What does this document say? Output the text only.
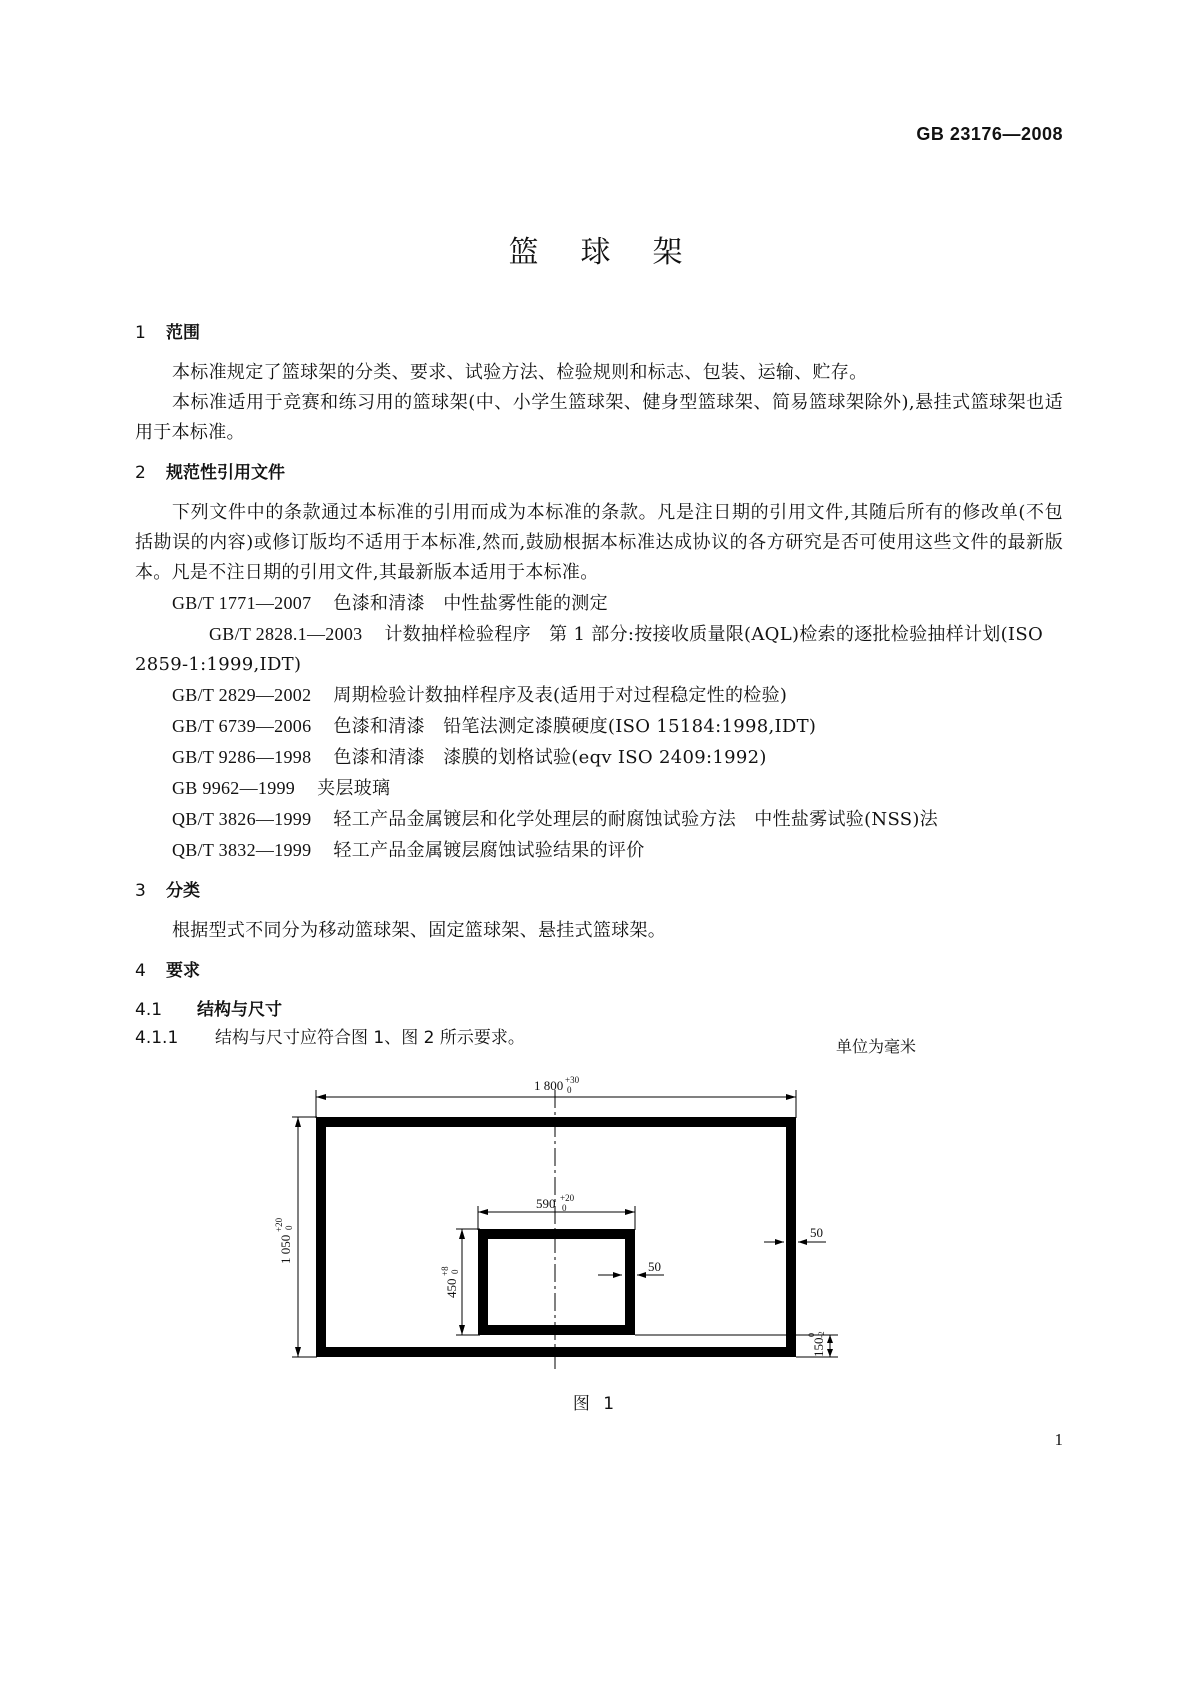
GB 23176—2008
篮球架
1 范围

本标准规定了篮球架的分类、要求、试验方法、检验规则和标志、包装、运输、贮存。

本标准适用于竞赛和练习用的篮球架(中、小学生篮球架、健身型篮球架、简易篮球架除外),悬挂式篮球架也适用于本标准。

2 规范性引用文件

下列文件中的条款通过本标准的引用而成为本标准的条款。凡是注日期的引用文件,其随后所有的修改单(不包括勘误的内容)或修订版均不适用于本标准,然而,鼓励根据本标准达成协议的各方研究是否可使用这些文件的最新版本。凡是不注日期的引用文件,其最新版本适用于本标准。

GB/T 1771—2007 色漆和清漆　中性盐雾性能的测定
GB/T 2828.1—2003 计数抽样检验程序　第 1 部分:按接收质量限(AQL)检索的逐批检验抽样计划(ISO 2859-1:1999,IDT)
GB/T 2829—2002 周期检验计数抽样程序及表(适用于对过程稳定性的检验)
GB/T 6739—2006 色漆和清漆　铅笔法测定漆膜硬度(ISO 15184:1998,IDT)
GB/T 9286—1998 色漆和清漆　漆膜的划格试验(eqv ISO 2409:1992)
GB 9962—1999 夹层玻璃
QB/T 3826—1999 轻工产品金属镀层和化学处理层的耐腐蚀试验方法　中性盐雾试验(NSS)法
QB/T 3832—1999 轻工产品金属镀层腐蚀试验结果的评价
3 分类

根据型式不同分为移动篮球架、固定篮球架、悬挂式篮球架。

4 要求
4.1 结构与尺寸
4.1.1 结构与尺寸应符合图 1、图 2 所示要求。	单位为毫米
1 800 +30
0
1 050
+20 0
590 +20
0
450
+8 0
50
50
150
0 -2
图 1
1
